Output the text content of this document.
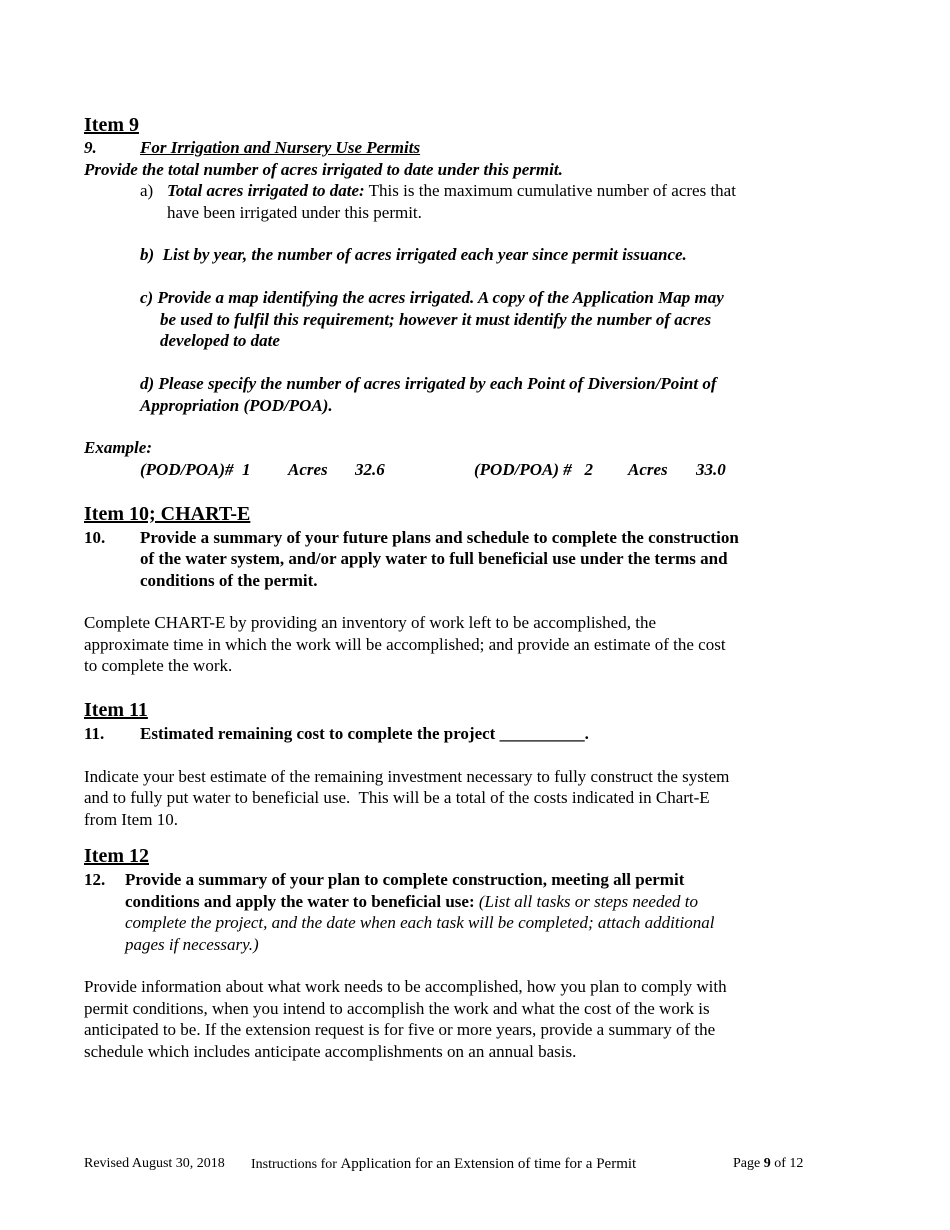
Item 9
9.	For Irrigation and Nursery Use Permits
Provide the total number of acres irrigated to date under this permit.
a) Total acres irrigated to date: This is the maximum cumulative number of acres that
have been irrigated under this permit.
b)  List by year, the number of acres irrigated each year since permit issuance.
c) Provide a map identifying the acres irrigated. A copy of the Application Map may
be used to fulfil this requirement; however it must identify the number of acres
developed to date
d) Please specify the number of acres irrigated by each Point of Diversion/Point of
Appropriation (POD/POA).
Example:
(POD/POA)#  1 Acres 32.6	(POD/POA) #   2 Acres 33.0
Item 10; CHART-E
10. Provide a summary of your future plans and schedule to complete the construction
of the water system, and/or apply water to full beneficial use under the terms and
conditions of the permit.
Complete CHART-E by providing an inventory of work left to be accomplished, the
approximate time in which the work will be accomplished; and provide an estimate of the cost
to complete the work.
Item 11
11. Estimated remaining cost to complete the project __________.
Indicate your best estimate of the remaining investment necessary to fully construct the system
and to fully put water to beneficial use.  This will be a total of the costs indicated in Chart-E
from Item 10.
Item 12
12. Provide a summary of your plan to complete construction, meeting all permit
conditions and apply the water to beneficial use: (List all tasks or steps needed to
complete the project, and the date when each task will be completed; attach additional
pages if necessary.)
Provide information about what work needs to be accomplished, how you plan to comply with
permit conditions, when you intend to accomplish the work and what the cost of the work is
anticipated to be. If the extension request is for five or more years, provide a summary of the
schedule which includes anticipate accomplishments on an annual basis.
Revised August 30, 2018 Instructions for Application for an Extension of time for a Permit	Page 9 of 12
